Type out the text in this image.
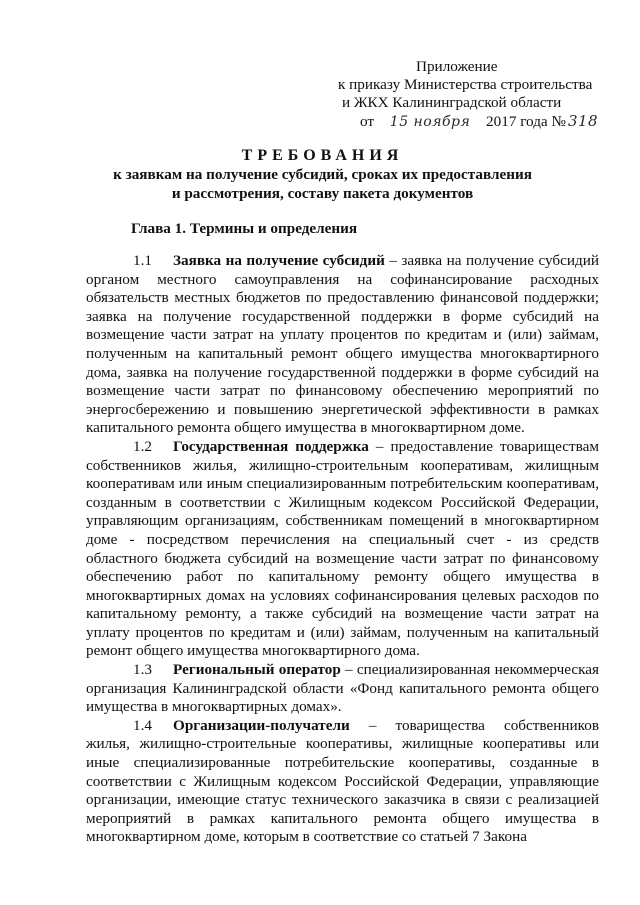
Приложение
к приказу Министерства строительства
и ЖКХ Калининградской области
от 15 ноября 2017 года № 318
ТРЕБОВАНИЯ
к заявкам на получение субсидий, сроках их предоставления и рассмотрения, составу пакета документов
Глава 1. Термины и определения

1.1 Заявка на получение субсидий – заявка на получение субсидий органом местного самоуправления на софинансирование расходных обязательств местных бюджетов по предоставлению финансовой поддержки; заявка на получение государственной поддержки в форме субсидий на возмещение части затрат на уплату процентов по кредитам и (или) займам, полученным на капитальный ремонт общего имущества многоквартирного дома, заявка на получение государственной поддержки в форме субсидий на возмещение части затрат по финансовому обеспечению мероприятий по энергосбережению и повышению энергетической эффективности в рамках капитального ремонта общего имущества в многоквартирном доме.

1.2 Государственная поддержка – предоставление товариществам собственников жилья, жилищно-строительным кооперативам, жилищным кооперативам или иным специализированным потребительским кооперативам, созданным в соответствии с Жилищным кодексом Российской Федерации, управляющим организациям, собственникам помещений в многоквартирном доме - посредством перечисления на специальный счет - из средств областного бюджета субсидий на возмещение части затрат по финансовому обеспечению работ по капитальному ремонту общего имущества в многоквартирных домах на условиях софинансирования целевых расходов по капитальному ремонту, а также субсидий на возмещение части затрат на уплату процентов по кредитам и (или) займам, полученным на капитальный ремонт общего имущества многоквартирного дома.

1.3 Региональный оператор – специализированная некоммерческая организация Калининградской области «Фонд капитального ремонта общего имущества в многоквартирных домах».

1.4 Организации-получатели – товарищества собственников жилья, жилищно-строительные кооперативы, жилищные кооперативы или иные специализированные потребительские кооперативы, созданные в соответствии с Жилищным кодексом Российской Федерации, управляющие организации, имеющие статус технического заказчика в связи с реализацией мероприятий в рамках капитального ремонта общего имущества в многоквартирном доме, которым в соответствие со статьей 7 Закона
